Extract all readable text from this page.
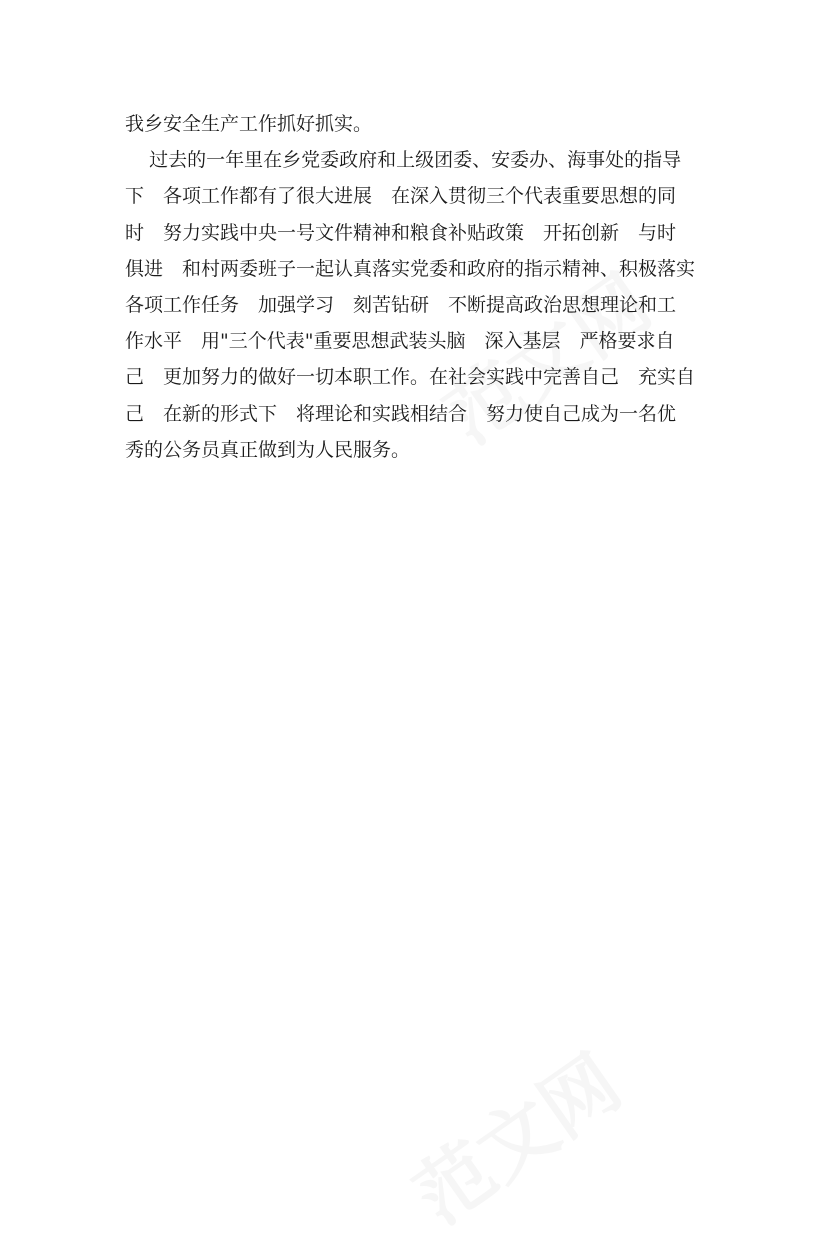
我乡安全生产工作抓好抓实。
过去的一年里在乡党委政府和上级团委、安委办、海事处的指导
下　各项工作都有了很大进展　在深入贯彻三个代表重要思想的同
时　努力实践中央一号文件精神和粮食补贴政策　开拓创新　与时
俱进　和村两委班子一起认真落实党委和政府的指示精神、积极落实
各项工作任务　加强学习　刻苦钻研　不断提高政治思想理论和工
作水平　用"三个代表"重要思想武装头脑　深入基层　严格要求自
己　更加努力的做好一切本职工作。在社会实践中完善自己　充实自
己　在新的形式下　将理论和实践相结合　努力使自己成为一名优
秀的公务员真正做到为人民服务。
